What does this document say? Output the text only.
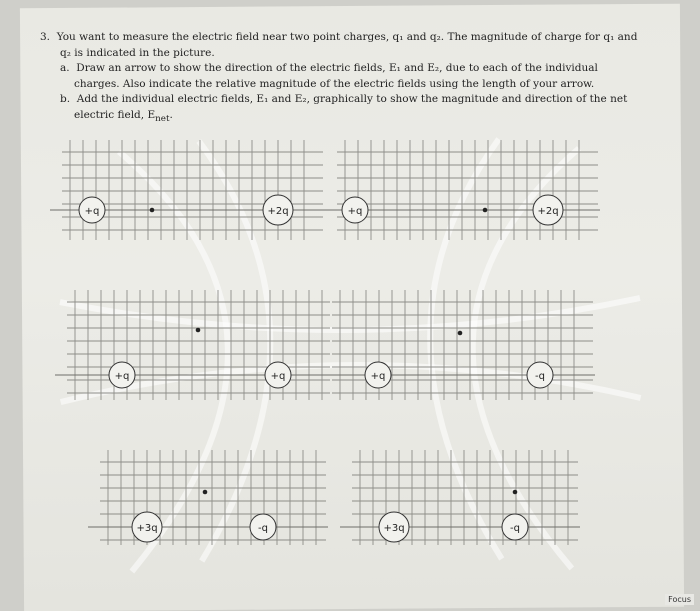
3. You want to measure the electric field near two point charges, q₁ and q₂. The magnitude of charge for q₁ and q₂ is indicated in the picture.

a. Draw an arrow to show the direction of the electric fields, E₁ and E₂, due to each of the individual charges. Also indicate the relative magnitude of the electric fields using the length of your arrow.

b. Add the individual electric fields, E₁ and E₂, graphically to show the magnitude and direction of the net electric field, $E_{net}$.

+q	+2q	+q	+2q
+q	+q	+q	-q
+3q	-q	+3q	-q
Focus
